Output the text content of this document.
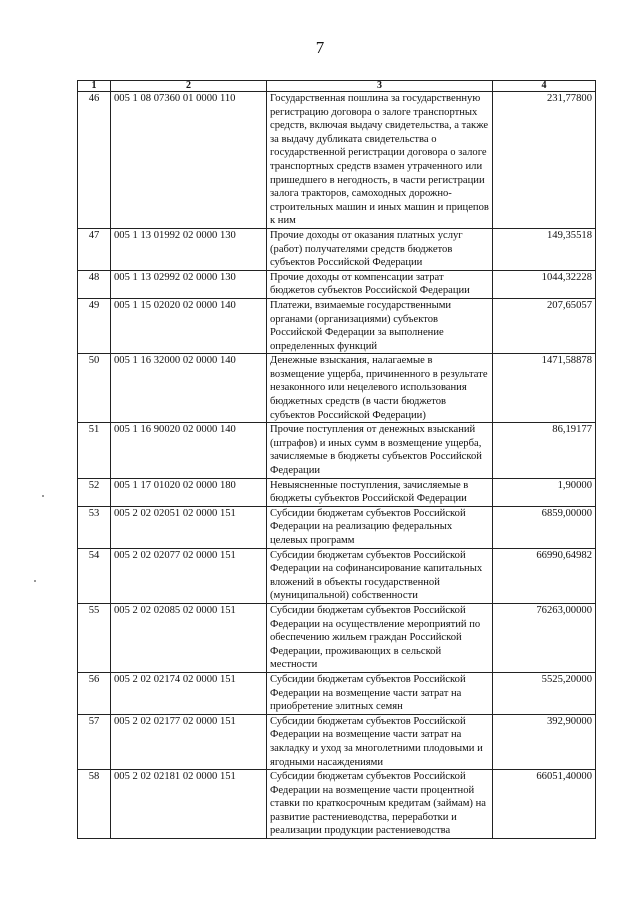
7
1	2	3	4
46	005 1 08 07360 01 0000 110	Государственная пошлина за государственную регистрацию договора о залоге транспортных средств, включая выдачу свидетельства, а также за выдачу дубликата свидетельства о государственной регистрации договора о залоге транспортных средств взамен утраченного или пришедшего в негодность, в части регистрации залога тракторов, самоходных дорожно-строительных машин и иных машин и прицепов к ним	231,77800
47	005 1 13 01992 02 0000 130	Прочие доходы от оказания платных услуг (работ) получателями средств бюджетов субъектов Российской Федерации	149,35518
48	005 1 13 02992 02 0000 130	Прочие доходы от компенсации затрат бюджетов субъектов Российской Федерации	1044,32228
49	005 1 15 02020 02 0000 140	Платежи, взимаемые государственными органами (организациями) субъектов Российской Федерации за выполнение определенных функций	207,65057
50	005 1 16 32000 02 0000 140	Денежные взыскания, налагаемые в возмещение ущерба, причиненного в результате незаконного или нецелевого использования бюджетных средств (в части бюджетов субъектов Российской Федерации)	1471,58878
51	005 1 16 90020 02 0000 140	Прочие поступления от денежных взысканий (штрафов) и иных сумм в возмещение ущерба, зачисляемые в бюджеты субъектов Российской Федерации	86,19177
52	005 1 17 01020 02 0000 180	Невыясненные поступления, зачисляемые в бюджеты субъектов Российской Федерации	1,90000
53	005 2 02 02051 02 0000 151	Субсидии бюджетам субъектов Российской Федерации на реализацию федеральных целевых программ	6859,00000
54	005 2 02 02077 02 0000 151	Субсидии бюджетам субъектов Российской Федерации на софинансирование капитальных вложений в объекты государственной (муниципальной) собственности	66990,64982
55	005 2 02 02085 02 0000 151	Субсидии бюджетам субъектов Российской Федерации на осуществление мероприятий по обеспечению жильем граждан Российской Федерации, проживающих в сельской местности	76263,00000
56	005 2 02 02174 02 0000 151	Субсидии бюджетам субъектов Российской Федерации на возмещение части затрат на приобретение элитных семян	5525,20000
57	005 2 02 02177 02 0000 151	Субсидии бюджетам субъектов Российской Федерации на возмещение части затрат на закладку и уход за многолетними плодовыми и ягодными насаждениями	392,90000
58	005 2 02 02181 02 0000 151	Субсидии бюджетам субъектов Российской Федерации на возмещение части процентной ставки по краткосрочным кредитам (займам) на развитие растениеводства, переработки и реализации продукции растениеводства	66051,40000
